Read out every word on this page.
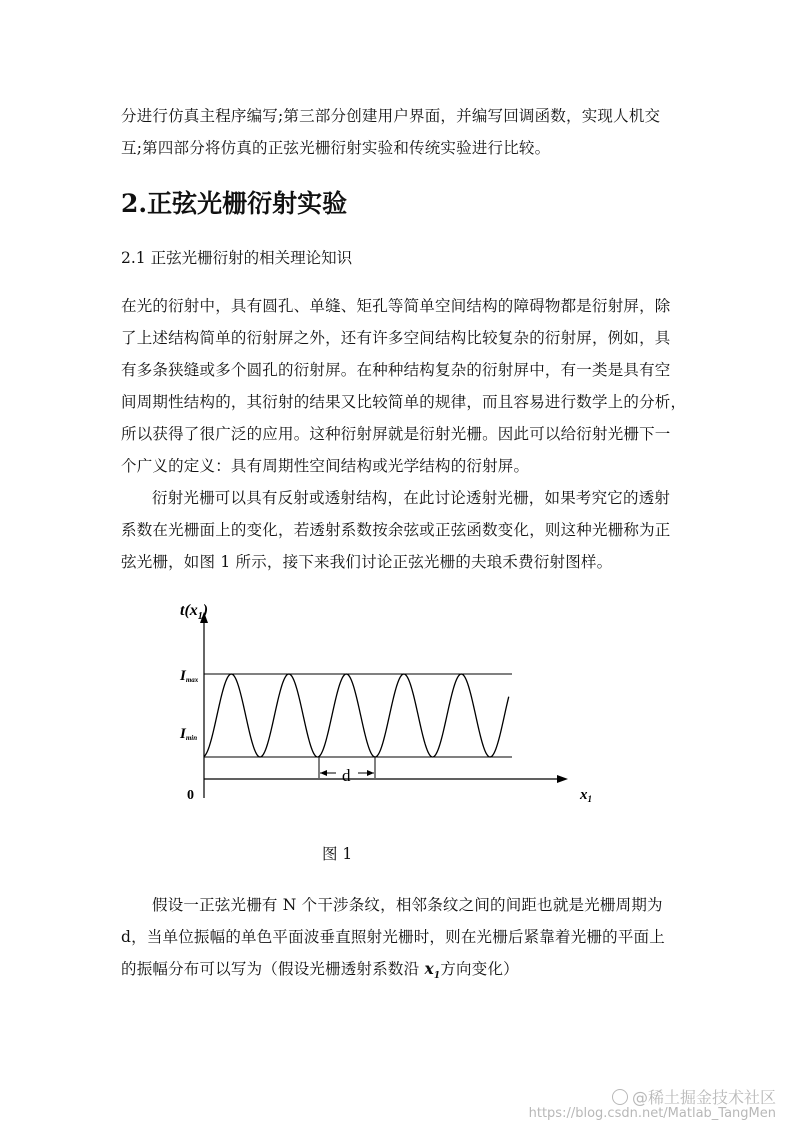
分进行仿真主程序编写;第三部分创建用户界面，并编写回调函数，实现人机交
互;第四部分将仿真的正弦光栅衍射实验和传统实验进行比较。
2.正弦光栅衍射实验
2.1 正弦光栅衍射的相关理论知识
在光的衍射中，具有圆孔、单缝、矩孔等简单空间结构的障碍物都是衍射屏，除
了上述结构简单的衍射屏之外，还有许多空间结构比较复杂的衍射屏，例如，具
有多条狭缝或多个圆孔的衍射屏。在种种结构复杂的衍射屏中，有一类是具有空
间周期性结构的，其衍射的结果又比较简单的规律，而且容易进行数学上的分析，
所以获得了很广泛的应用。这种衍射屏就是衍射光栅。因此可以给衍射光栅下一
个广义的定义：具有周期性空间结构或光学结构的衍射屏。
衍射光栅可以具有反射或透射结构，在此讨论透射光栅，如果考究它的透射
系数在光栅面上的变化，若透射系数按余弦或正弦函数变化，则这种光栅称为正
弦光栅，如图 1 所示，接下来我们讨论正弦光栅的夫琅禾费衍射图样。
d
$t(x_1)$
Imax
Imin
0	$x_1$
图 1
假设一正弦光栅有 N 个干涉条纹，相邻条纹之间的间距也就是光栅周期为
d，当单位振幅的单色平面波垂直照射光栅时，则在光栅后紧靠着光栅的平面上
的振幅分布可以写为（假设光栅透射系数沿 $x_1$方向变化）
@稀土掘金技术社区
https://blog.csdn.net/Matlab_TangMen
